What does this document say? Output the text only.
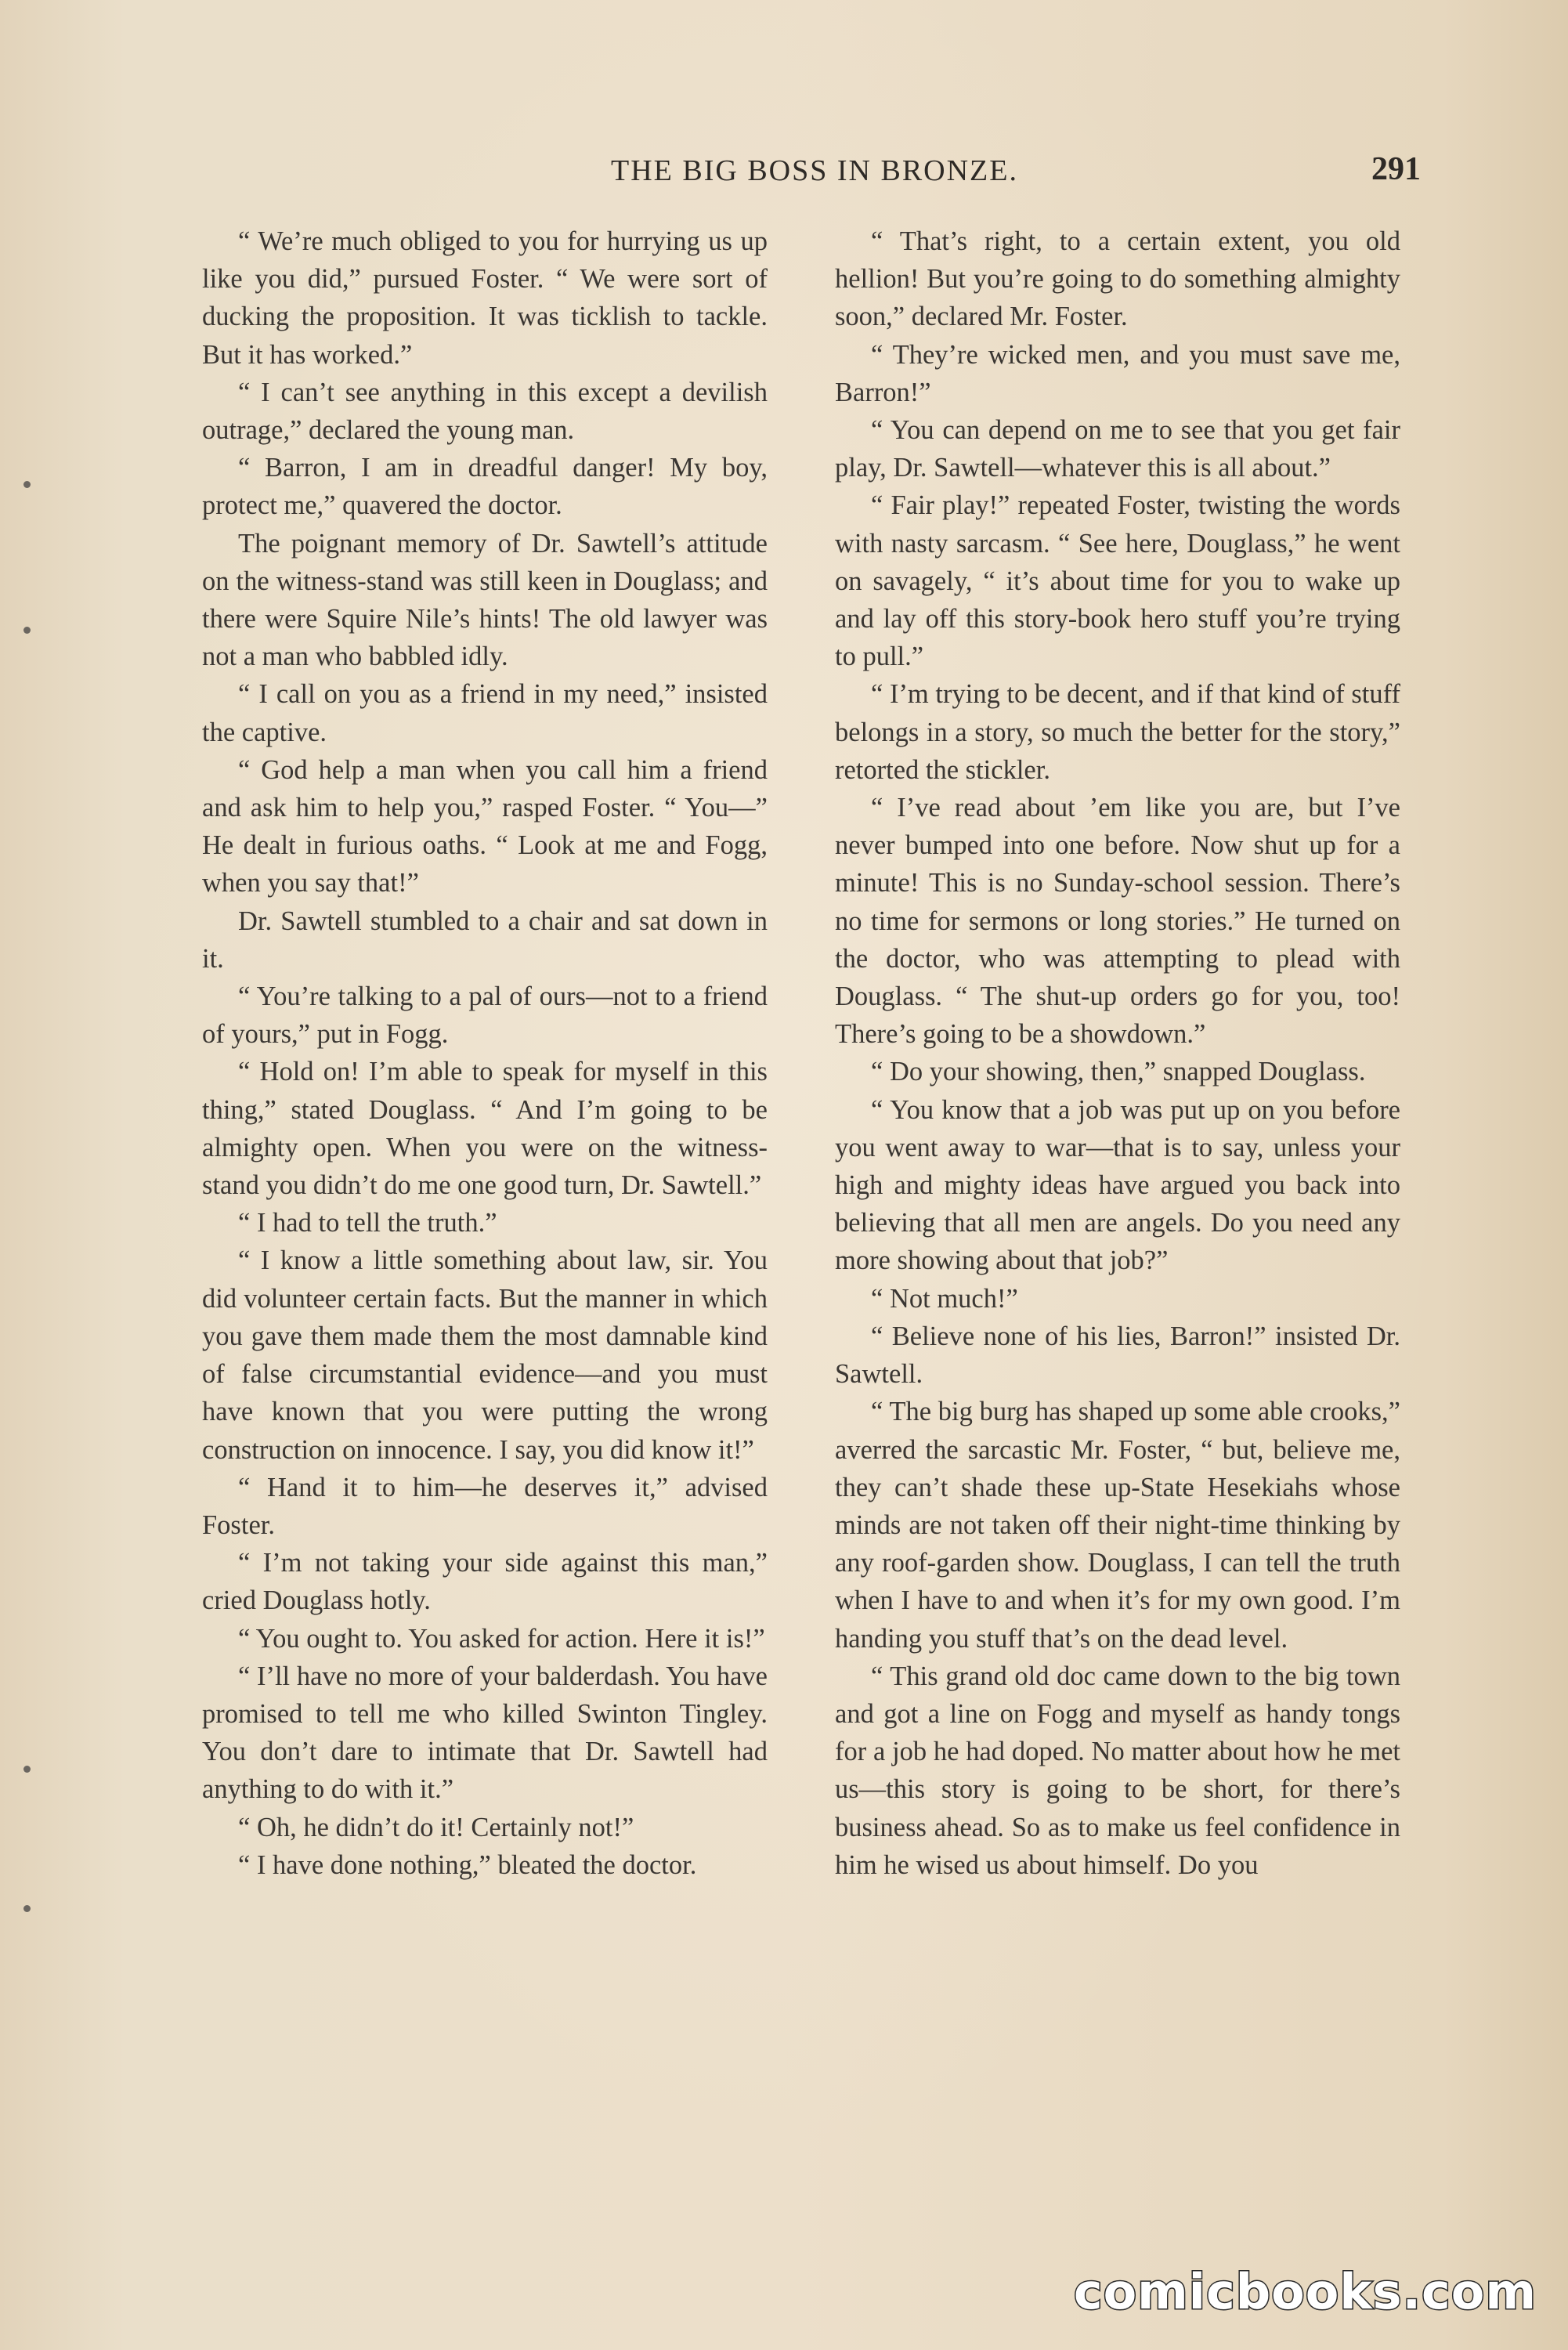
THE BIG BOSS IN BRONZE.	291

“ We’re much obliged to you for hurrying us up like you did,” pursued Foster. “ We were sort of ducking the proposition. It was ticklish to tackle. But it has worked.”

“ I can’t see anything in this except a devilish outrage,” declared the young man.

“ Barron, I am in dreadful danger! My boy, protect me,” quavered the doctor.

The poignant memory of Dr. Sawtell’s attitude on the witness-stand was still keen in Douglass; and there were Squire Nile’s hints! The old lawyer was not a man who babbled idly.

“ I call on you as a friend in my need,” insisted the captive.

“ God help a man when you call him a friend and ask him to help you,” rasped Foster. “ You—” He dealt in furious oaths. “ Look at me and Fogg, when you say that!”

Dr. Sawtell stumbled to a chair and sat down in it.

“ You’re talking to a pal of ours—not to a friend of yours,” put in Fogg.

“ Hold on! I’m able to speak for myself in this thing,” stated Douglass. “ And I’m going to be almighty open. When you were on the witness-stand you didn’t do me one good turn, Dr. Sawtell.”

“ I had to tell the truth.”

“ I know a little something about law, sir. You did volunteer certain facts. But the manner in which you gave them made them the most damnable kind of false circumstantial evidence—and you must have known that you were putting the wrong construction on innocence. I say, you did know it!”

“ Hand it to him—he deserves it,” advised Foster.

“ I’m not taking your side against this man,” cried Douglass hotly.

“ You ought to. You asked for action. Here it is!”

“ I’ll have no more of your balderdash. You have promised to tell me who killed Swinton Tingley. You don’t dare to intimate that Dr. Sawtell had anything to do with it.”

“ Oh, he didn’t do it! Certainly not!”

“ I have done nothing,” bleated the doctor.

“ That’s right, to a certain extent, you old hellion! But you’re going to do something almighty soon,” declared Mr. Foster.

“ They’re wicked men, and you must save me, Barron!”

“ You can depend on me to see that you get fair play, Dr. Sawtell—whatever this is all about.”

“ Fair play!” repeated Foster, twisting the words with nasty sarcasm. “ See here, Douglass,” he went on savagely, “ it’s about time for you to wake up and lay off this story-book hero stuff you’re trying to pull.”

“ I’m trying to be decent, and if that kind of stuff belongs in a story, so much the better for the story,” retorted the stickler.

“ I’ve read about ’em like you are, but I’ve never bumped into one before. Now shut up for a minute! This is no Sunday-school session. There’s no time for sermons or long stories.” He turned on the doctor, who was attempting to plead with Douglass. “ The shut-up orders go for you, too! There’s going to be a showdown.”

“ Do your showing, then,” snapped Douglass.

“ You know that a job was put up on you before you went away to war—that is to say, unless your high and mighty ideas have argued you back into believing that all men are angels. Do you need any more showing about that job?”

“ Not much!”

“ Believe none of his lies, Barron!” insisted Dr. Sawtell.

“ The big burg has shaped up some able crooks,” averred the sarcastic Mr. Foster, “ but, believe me, they can’t shade these up-State Hesekiahs whose minds are not taken off their night-time thinking by any roof-garden show. Douglass, I can tell the truth when I have to and when it’s for my own good. I’m handing you stuff that’s on the dead level.

“ This grand old doc came down to the big town and got a line on Fogg and myself as handy tongs for a job he had doped. No matter about how he met us—this story is going to be short, for there’s business ahead. So as to make us feel confidence in him he wised us about himself. Do you

comicbooks.com
